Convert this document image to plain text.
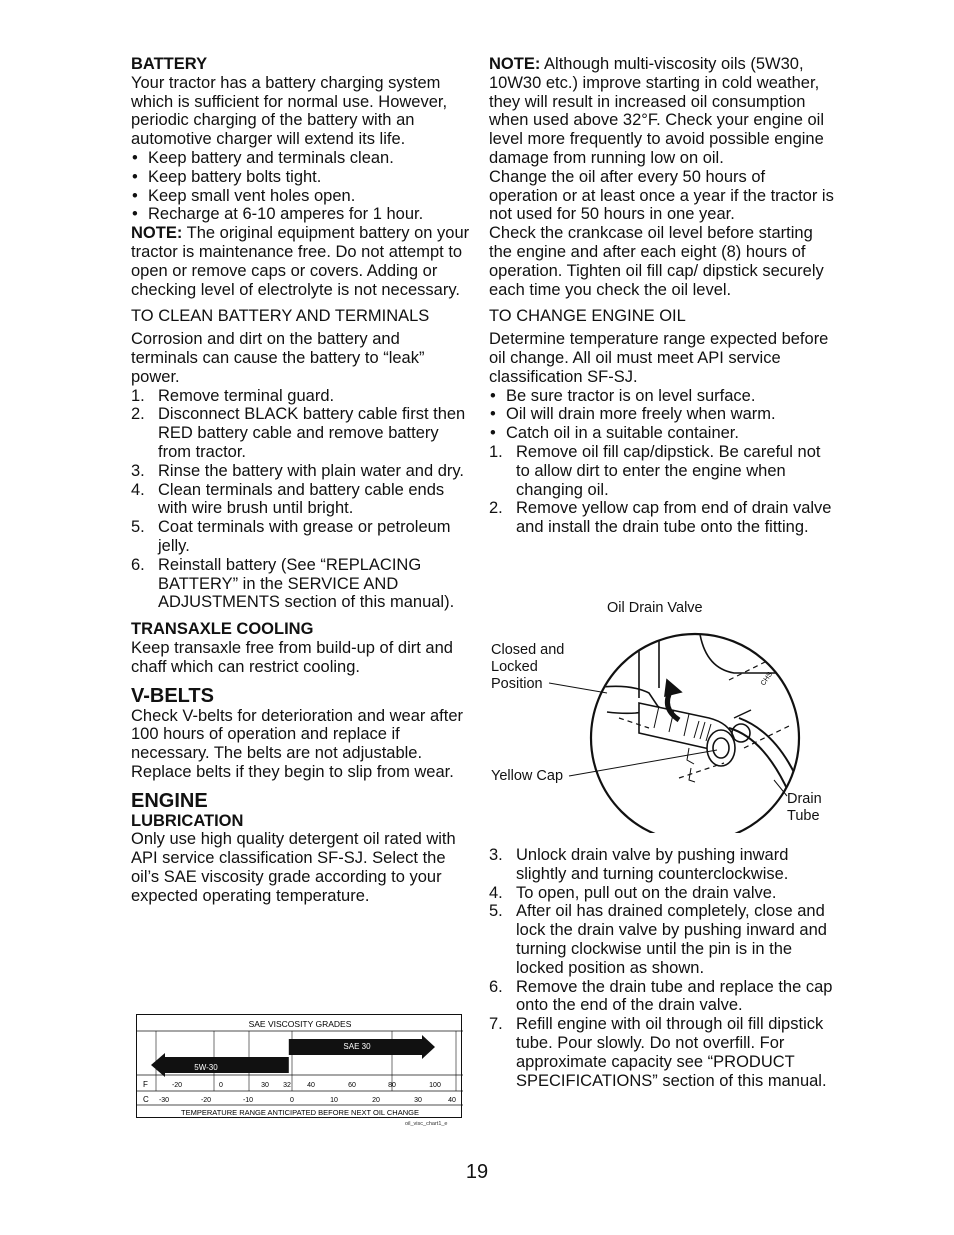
BATTERY

Your tractor has a battery charging system which is sufficient for normal use. However, periodic charging of the battery with an automotive charger will extend its life.

• Keep battery and terminals clean.
• Keep battery bolts tight.
• Keep small vent holes open.
• Recharge at 6-10 amperes for 1 hour.

NOTE: The original equipment battery on your tractor is maintenance free. Do not attempt to open or remove caps or covers. Adding or checking level of electrolyte is not necessary.

TO CLEAN BATTERY AND TERMINALS

Corrosion and dirt on the battery and terminals can cause the battery to “leak” power.

1. Remove terminal guard.
2. Disconnect BLACK battery cable first then RED battery cable and remove battery from tractor.
3. Rinse the battery with plain water and dry.
4. Clean terminals and battery cable ends with wire brush until bright.
5. Coat terminals with grease or petroleum jelly.
6. Reinstall battery (See “REPLACING BATTERY” in the SERVICE AND ADJUSTMENTS section of this manual).

TRANSAXLE COOLING

Keep transaxle free from build-up of dirt and chaff which can restrict cooling.

V-BELTS

Check V-belts for deterioration and wear after 100 hours of operation and replace if necessary. The belts are not adjustable. Replace belts if they begin to slip from wear.

ENGINE

LUBRICATION

Only use high quality detergent oil rated with API service classification SF-SJ. Select the oil’s SAE viscosity grade according to your expected operating temperature.

SAE VISCOSITY GRADES
5W-30
SAE 30
F
C
-20	0	30 32 40	60	80	100
-30	-20	-10	0	10	20	30	40
TEMPERATURE RANGE ANTICIPATED BEFORE NEXT OIL CHANGE
oil_visc_chart1_e

NOTE: Although multi-viscosity oils (5W30, 10W30 etc.) improve starting in cold weather, they will result in increased oil consumption when used above 32°F. Check your engine oil level more frequently to avoid possible engine damage from running low on oil.

Change the oil after every 50 hours of operation or at least once a year if the tractor is not used for 50 hours in one year.

Check the crankcase oil level before starting the engine and after each eight (8) hours of operation. Tighten oil fill cap/ dipstick securely each time you check the oil level.

TO CHANGE ENGINE OIL

Determine temperature range expected before oil change. All oil must meet API service classification SF-SJ.

• Be sure tractor is on level surface.
• Oil will drain more freely when warm.
• Catch oil in a suitable container.
1. Remove oil fill cap/dipstick. Be careful not to allow dirt to enter the engine when changing oil.
2. Remove yellow cap from end of drain valve and install the drain tube onto the fitting.
Oil Drain Valve
Closed and
Locked
Position
Yellow Cap
Drain
Tube
CHS
3. Unlock drain valve by pushing inward slightly and turning counterclockwise.
4. To open, pull out on the drain valve.
5. After oil has drained completely, close and lock the drain valve by pushing inward and turning clockwise until the pin is in the locked position as shown.
6. Remove the drain tube and replace the cap onto the end of the drain valve.
7. Refill engine with oil through oil fill dipstick tube. Pour slowly. Do not overfill. For approximate capacity see “PRODUCT SPECIFICATIONS” section of this manual.
19
